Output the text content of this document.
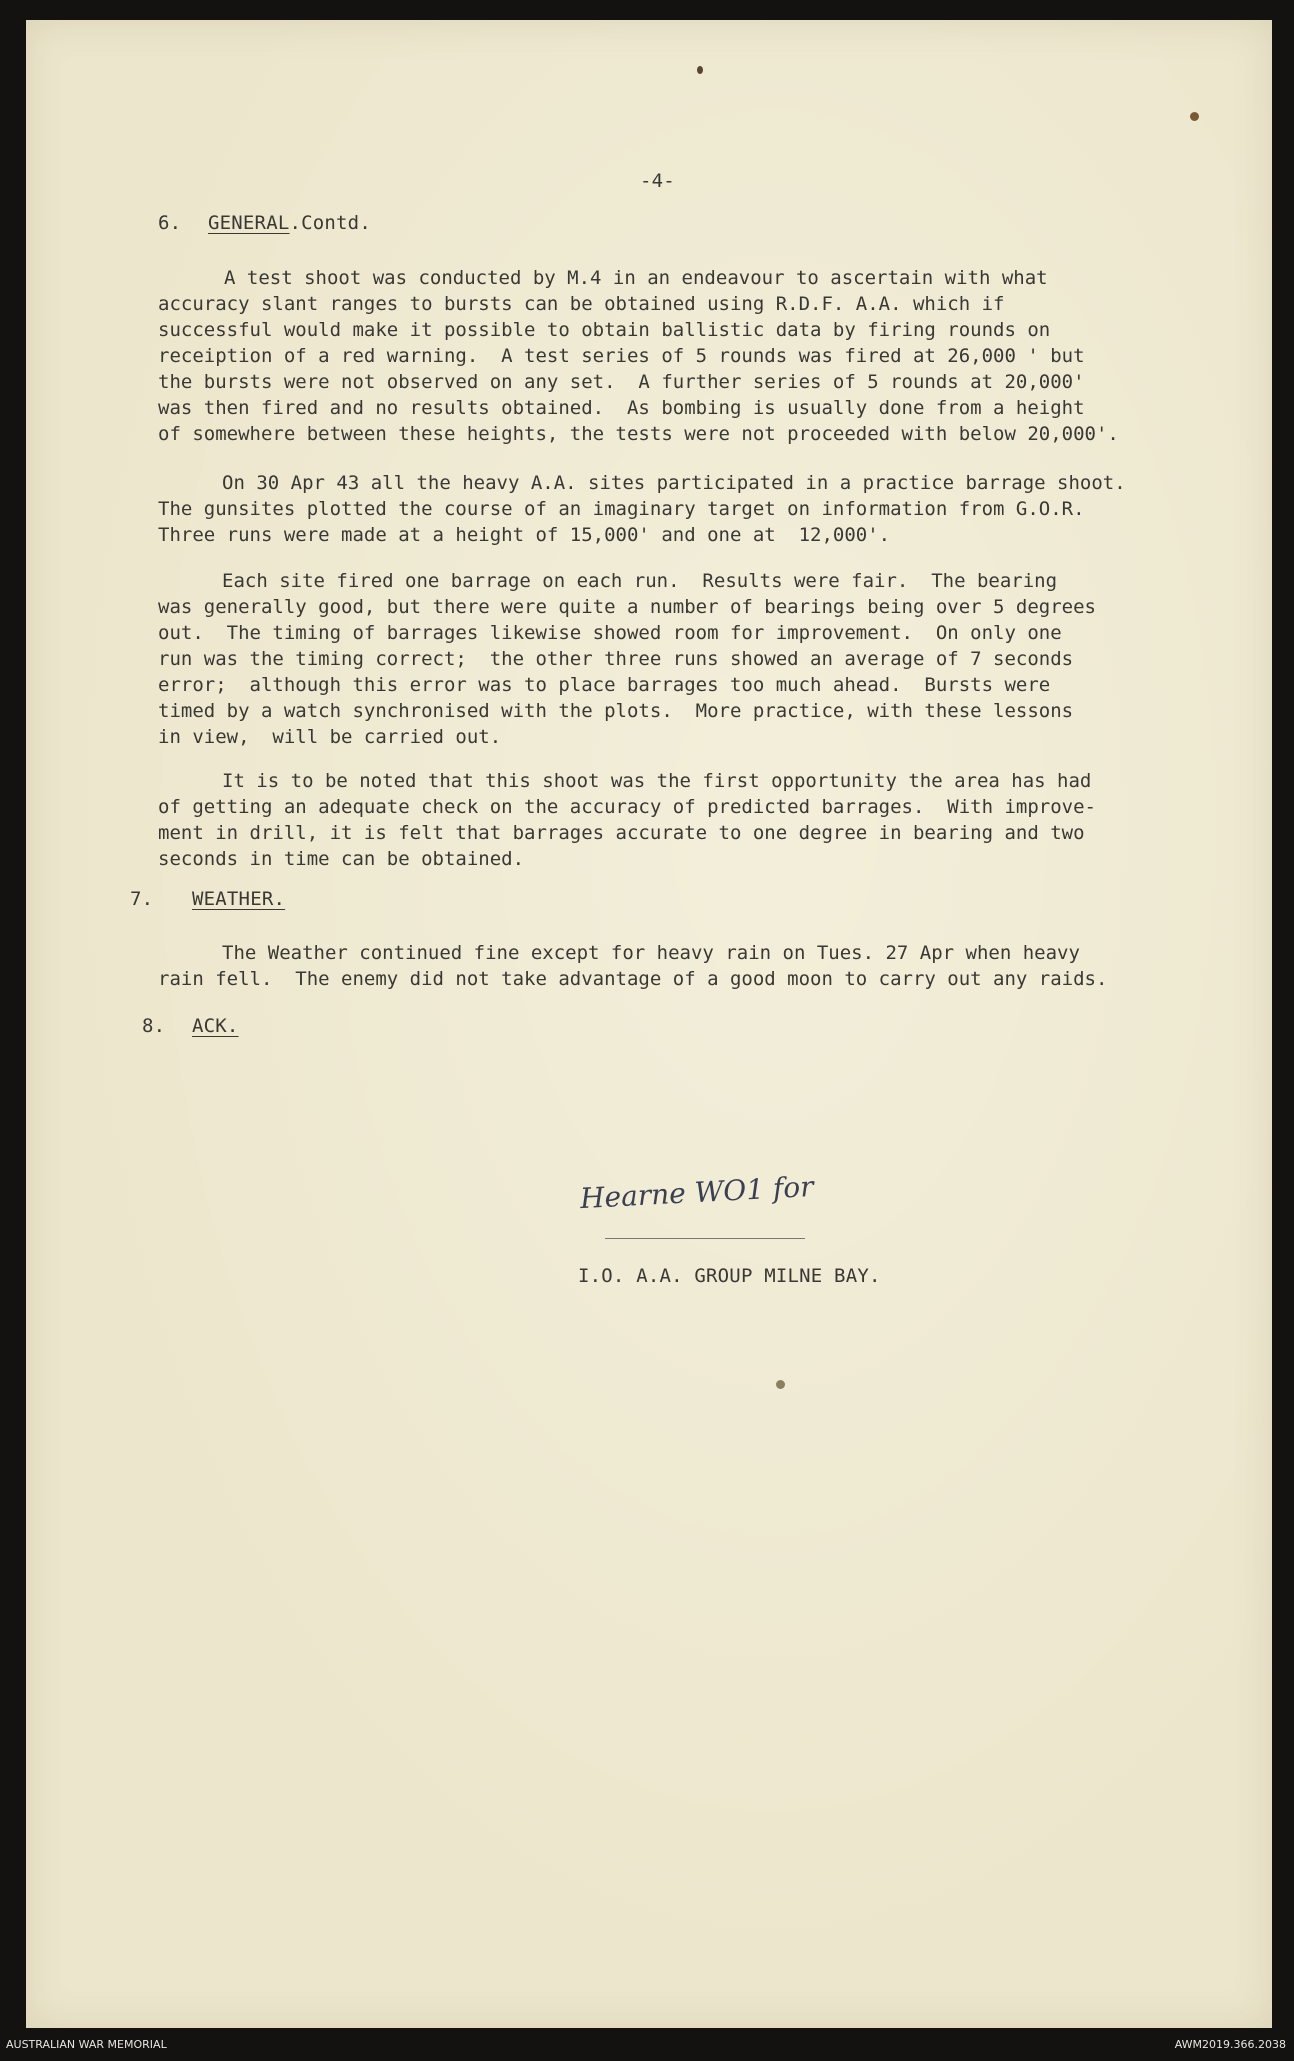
-4-
6. GENERAL.Contd.
A test shoot was conducted by M.4 in an endeavour to ascertain with what
accuracy slant ranges to bursts can be obtained using R.D.F. A.A. which if
successful would make it possible to obtain ballistic data by firing rounds on
receiption of a red warning.  A test series of 5 rounds was fired at 26,000 ' but
the bursts were not observed on any set.  A further series of 5 rounds at 20,000'
was then fired and no results obtained.  As bombing is usually done from a height
of somewhere between these heights, the tests were not proceeded with below 20,000'.
On 30 Apr 43 all the heavy A.A. sites participated in a practice barrage shoot.
The gunsites plotted the course of an imaginary target on information from G.O.R.
Three runs were made at a height of 15,000' and one at  12,000'.
Each site fired one barrage on each run.  Results were fair.  The bearing
was generally good, but there were quite a number of bearings being over 5 degrees
out.  The timing of barrages likewise showed room for improvement.  On only one
run was the timing correct;  the other three runs showed an average of 7 seconds
error;  although this error was to place barrages too much ahead.  Bursts were
timed by a watch synchronised with the plots.  More practice, with these lessons
in view,  will be carried out.
It is to be noted that this shoot was the first opportunity the area has had
of getting an adequate check on the accuracy of predicted barrages.  With improve-
ment in drill, it is felt that barrages accurate to one degree in bearing and two
seconds in time can be obtained.
7. WEATHER.
The Weather continued fine except for heavy rain on Tues. 27 Apr when heavy
rain fell.  The enemy did not take advantage of a good moon to carry out any raids.
8. ACK.
Hearne WO1 for
I.O. A.A. GROUP MILNE BAY.
AUSTRALIAN WAR MEMORIAL	AWM2019.366.2038
